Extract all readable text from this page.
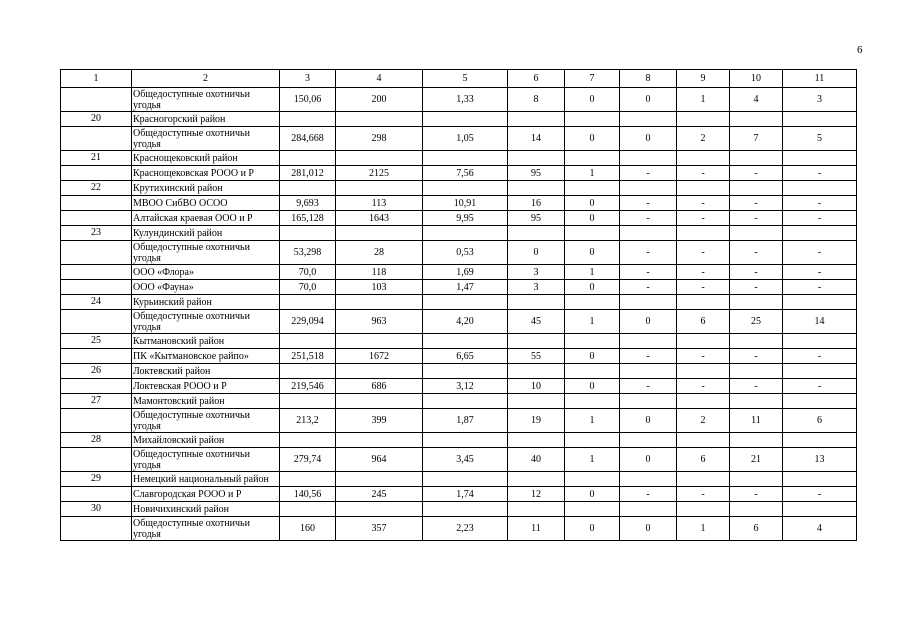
6
1	2	3	4	5	6	7	8	9	10	11
	Общедоступные охотничьи угодья	150,06	200	1,33	8	0	0	1	4	3
20	Красногорский район									
	Общедоступные охотничьи угодья	284,668	298	1,05	14	0	0	2	7	5
21	Краснощековский район									
	Краснощековская РООО и Р	281,012	2125	7,56	95	1	-	-	-	-
22	Крутихинский район									
	МВОО СибВО ОСОО	9,693	113	10,91	16	0	-	-	-	-
	Алтайская краевая ООО и Р	165,128	1643	9,95	95	0	-	-	-	-
23	Кулундинский район									
	Общедоступные охотничьи угодья	53,298	28	0,53	0	0	-	-	-	-
	ООО «Флора»	70,0	118	1,69	3	1	-	-	-	-
	ООО «Фауна»	70,0	103	1,47	3	0	-	-	-	-
24	Курьинский район									
	Общедоступные охотничьи угодья	229,094	963	4,20	45	1	0	6	25	14
25	Кытмановский район									
	ПК «Кытмановское райпо»	251,518	1672	6,65	55	0	-	-	-	-
26	Локтевский район									
	Локтевская РООО и Р	219,546	686	3,12	10	0	-	-	-	-
27	Мамонтовский район									
	Общедоступные охотничьи угодья	213,2	399	1,87	19	1	0	2	11	6
28	Михайловский район									
	Общедоступные охотничьи угодья	279,74	964	3,45	40	1	0	6	21	13
29	Немецкий национальный район									
	Славгородская РООО и Р	140,56	245	1,74	12	0	-	-	-	-
30	Новичихинский район									
	Общедоступные охотничьи угодья	160	357	2,23	11	0	0	1	6	4
